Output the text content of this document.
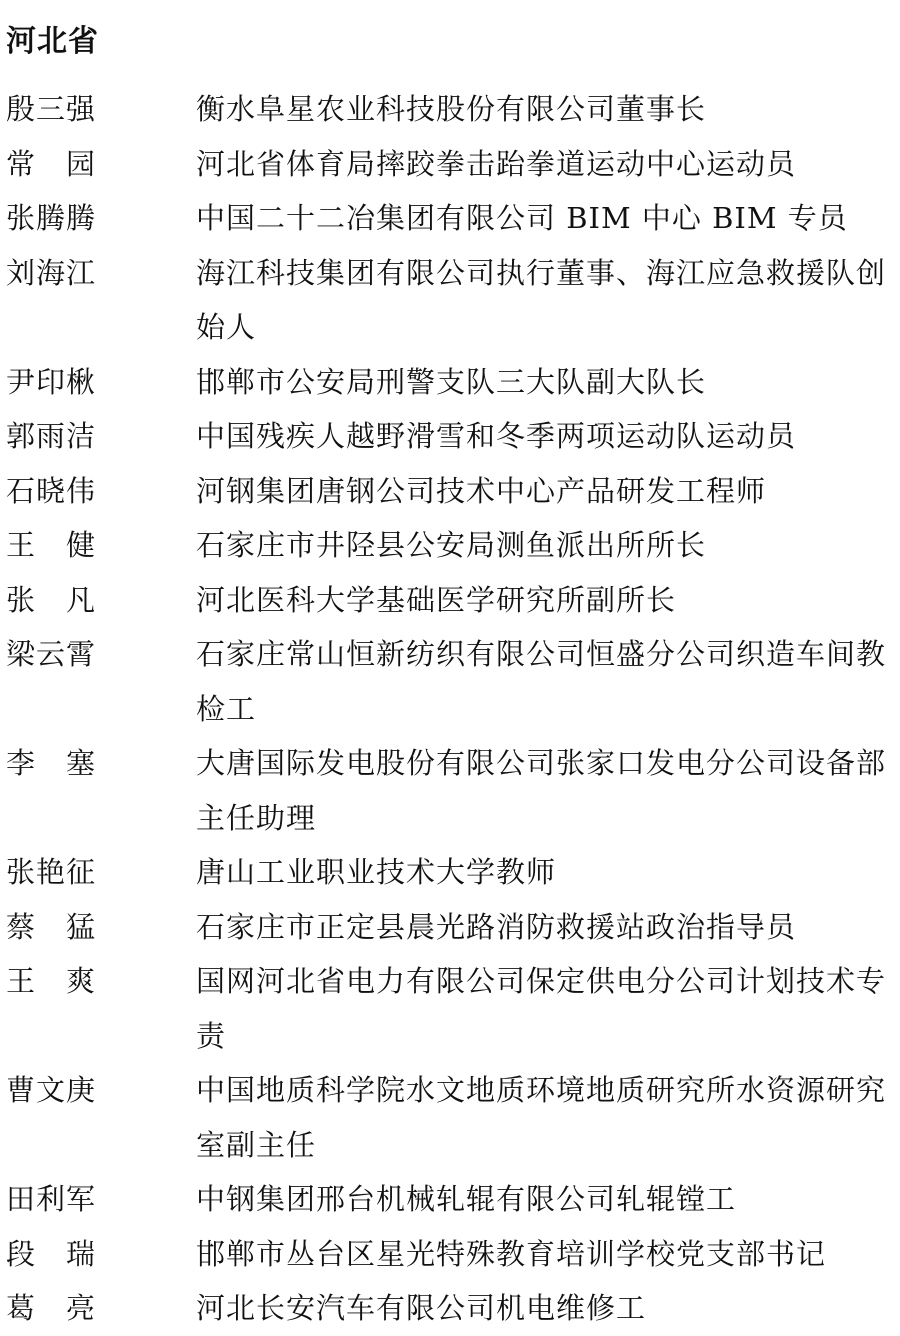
河北省
殷三强	衡水阜星农业科技股份有限公司董事长
常　园	河北省体育局摔跤拳击跆拳道运动中心运动员
张腾腾	中国二十二冶集团有限公司 BIM 中心 BIM 专员
刘海江	海江科技集团有限公司执行董事、海江应急救援队创始人
尹印楸	邯郸市公安局刑警支队三大队副大队长
郭雨洁	中国残疾人越野滑雪和冬季两项运动队运动员
石晓伟	河钢集团唐钢公司技术中心产品研发工程师
王　健	石家庄市井陉县公安局测鱼派出所所长
张　凡	河北医科大学基础医学研究所副所长
梁云霄	石家庄常山恒新纺织有限公司恒盛分公司织造车间教检工
李　塞	大唐国际发电股份有限公司张家口发电分公司设备部主任助理
张艳征	唐山工业职业技术大学教师
蔡　猛	石家庄市正定县晨光路消防救援站政治指导员
王　爽	国网河北省电力有限公司保定供电分公司计划技术专责
曹文庚	中国地质科学院水文地质环境地质研究所水资源研究室副主任
田利军	中钢集团邢台机械轧辊有限公司轧辊镗工
段　瑞	邯郸市丛台区星光特殊教育培训学校党支部书记
葛　亮	河北长安汽车有限公司机电维修工
